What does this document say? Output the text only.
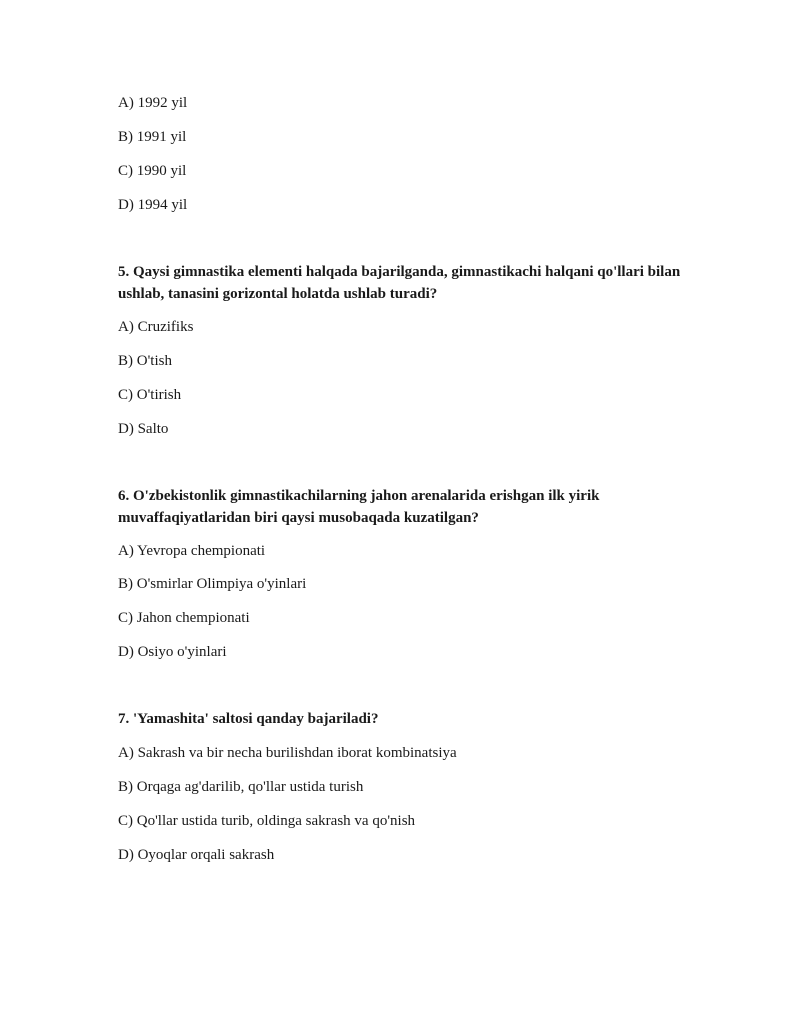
A) 1992 yil
B) 1991 yil
C) 1990 yil
D) 1994 yil
5. Qaysi gimnastika elementi halqada bajarilganda, gimnastikachi halqani qo'llari bilan ushlab, tanasini gorizontal holatda ushlab turadi?
A) Cruzifiks
B) O'tish
C) O'tirish
D) Salto
6. O'zbekistonlik gimnastikachilarning jahon arenalarida erishgan ilk yirik muvaffaqiyatlaridan biri qaysi musobaqada kuzatilgan?
A) Yevropa chempionati
B) O'smirlar Olimpiya o'yinlari
C) Jahon chempionati
D) Osiyo o'yinlari
7. 'Yamashita' saltosi qanday bajariladi?
A) Sakrash va bir necha burilishdan iborat kombinatsiya
B) Orqaga ag'darilib, qo'llar ustida turish
C) Qo'llar ustida turib, oldinga sakrash va qo'nish
D) Oyoqlar orqali sakrash
